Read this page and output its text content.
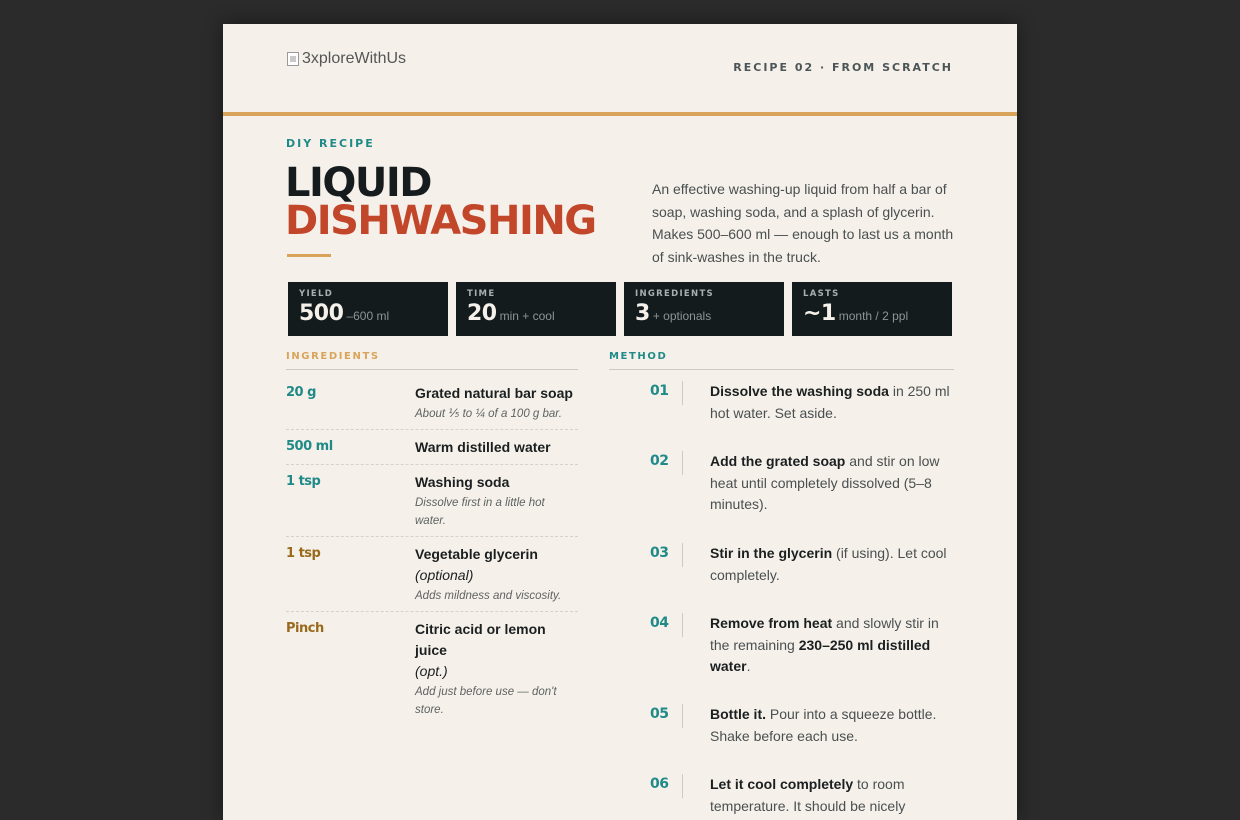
3xploreWithUs
RECIPE 02 · FROM SCRATCH
DIY RECIPE
LIQUID
DISHWASHING

An effective washing-up liquid from half a bar of soap, washing soda, and a splash of glycerin. Makes 500–600 ml — enough to last us a month of sink-washes in the truck.

YIELD
500 –600 ml
TIME
20 min + cool
INGREDIENTS
3 + optionals
LASTS
~1 month / 2 ppl
INGREDIENTS	METHOD
20 g	Grated natural bar soap
About ⅕ to ¼ of a 100 g bar.
500 ml	Warm distilled water
1 tsp	Washing soda
Dissolve first in a little hot water.
1 tsp	Vegetable glycerin
(optional)
Adds mildness and viscosity.
Pinch	Citric acid or lemon juice
(opt.)
Add just before use — don't store.
01	Dissolve the washing soda in 250 ml hot water. Set aside.
02	Add the grated soap and stir on low heat until completely dissolved (5–8 minutes).
03	Stir in the glycerin (if using). Let cool completely.
04	Remove from heat and slowly stir in the remaining 230–250 ml distilled water.
05	Bottle it. Pour into a squeeze bottle. Shake before each use.
06	Let it cool completely to room temperature. It should be nicely
